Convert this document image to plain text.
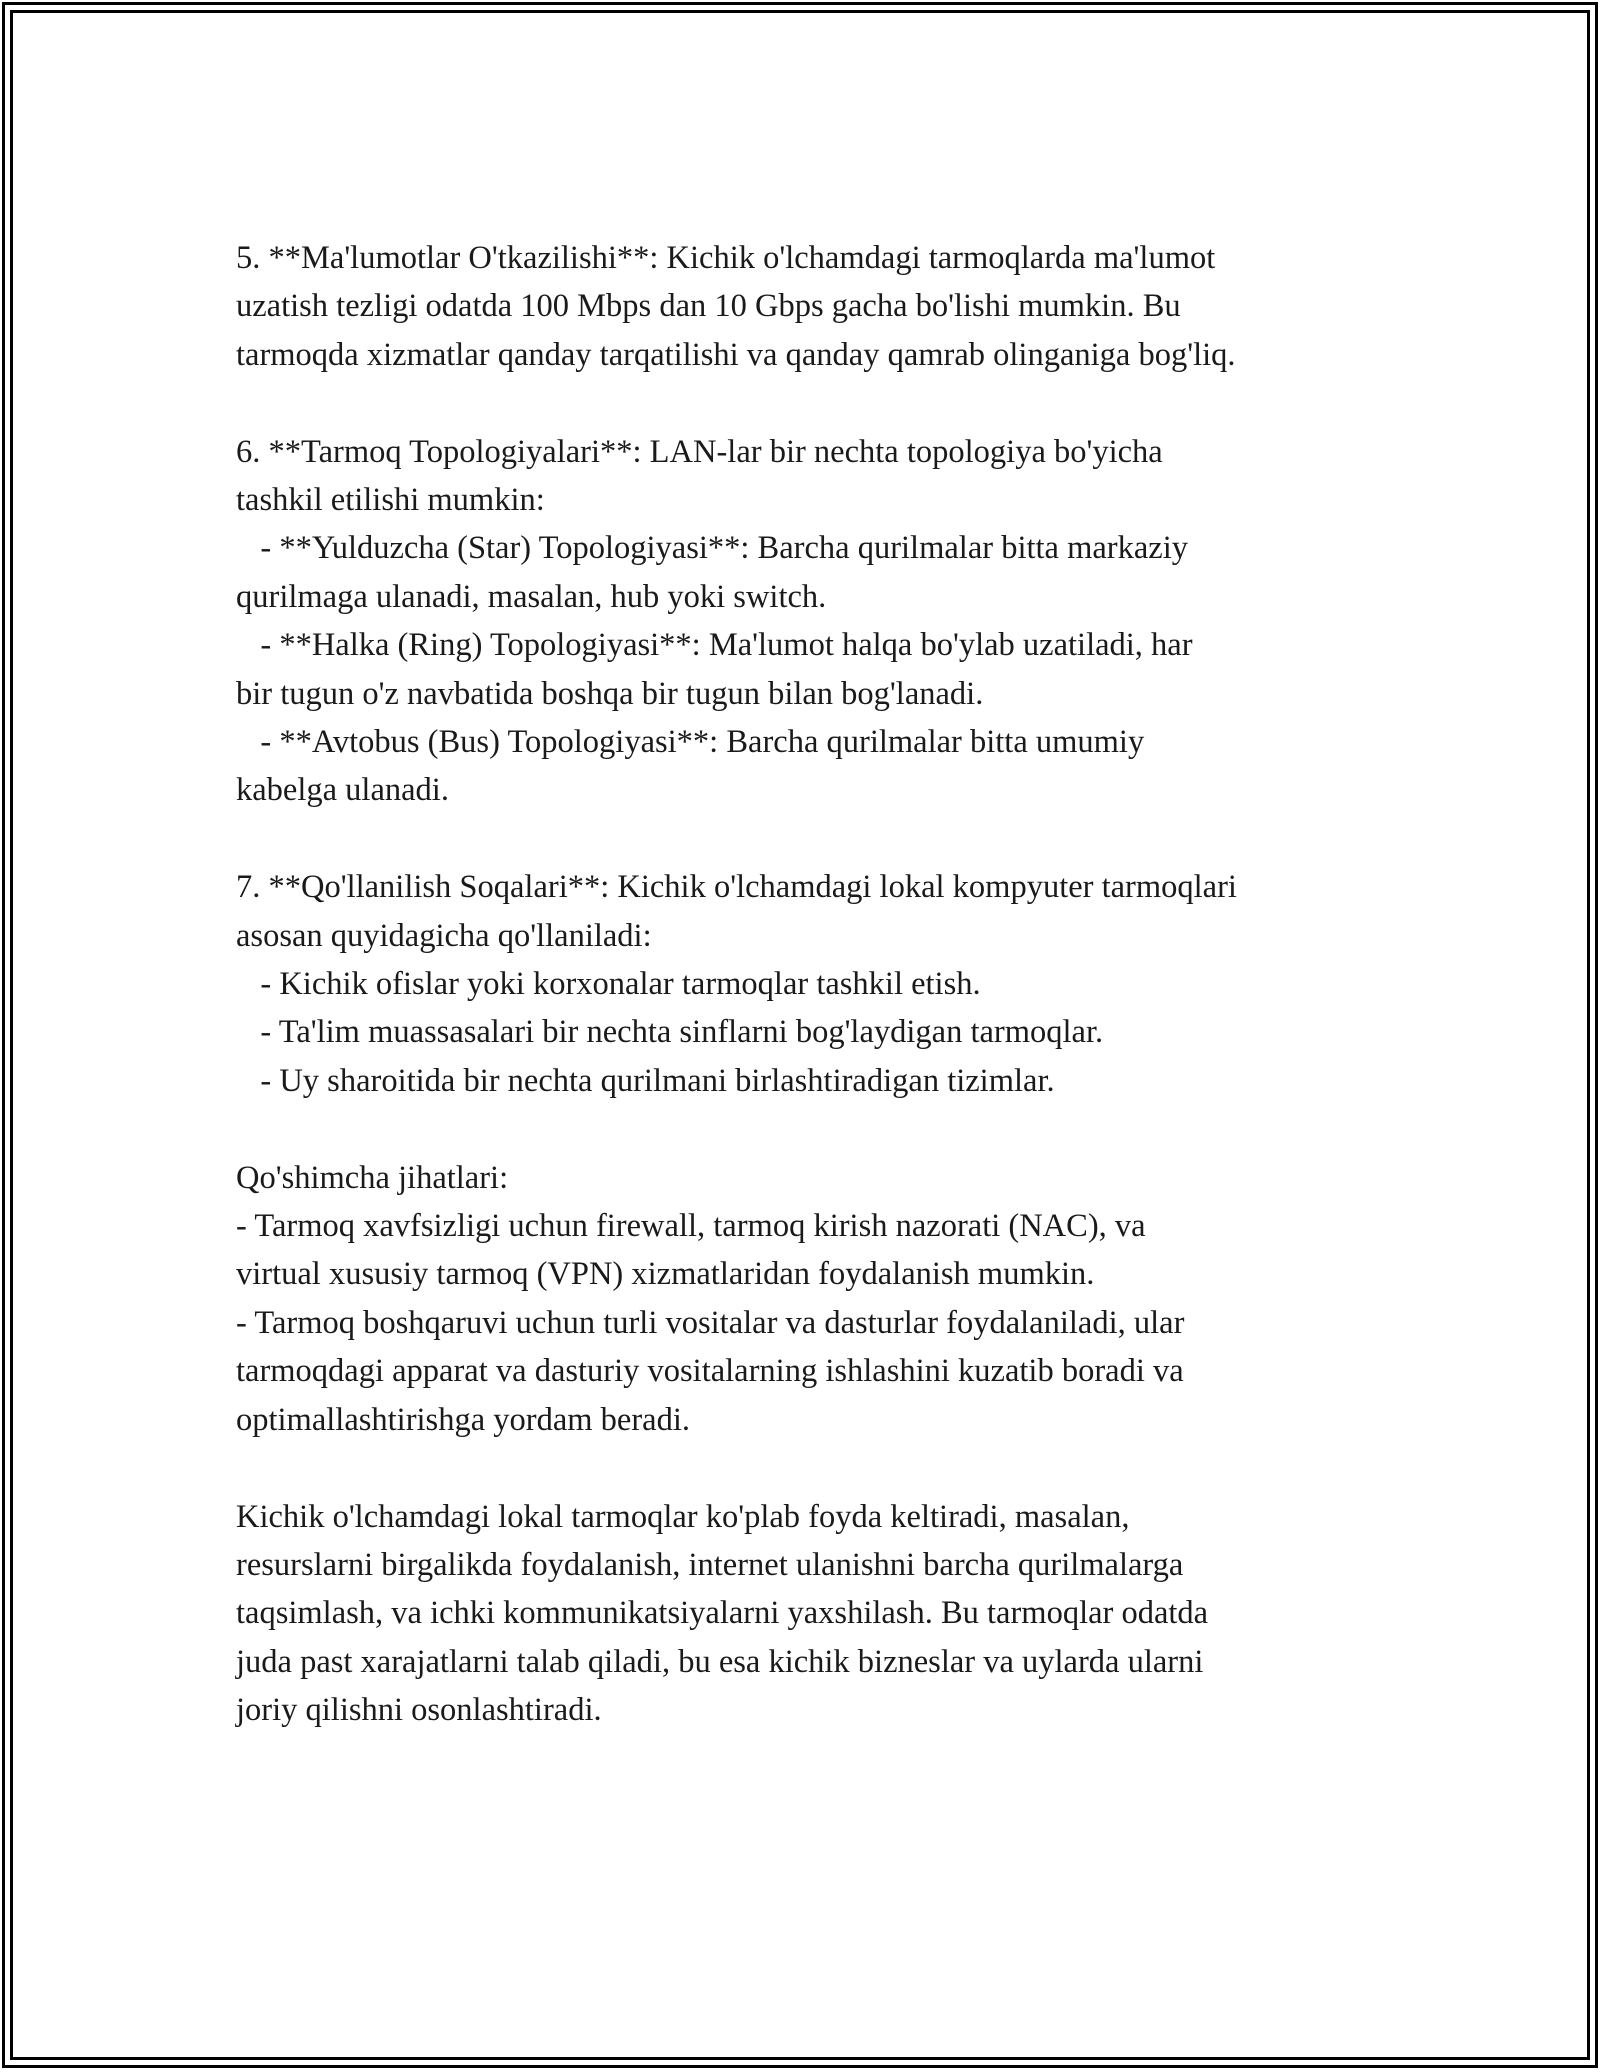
5. **Ma'lumotlar O'tkazilishi**: Kichik o'lchamdagi tarmoqlarda ma'lumot
uzatish tezligi odatda 100 Mbps dan 10 Gbps gacha bo'lishi mumkin. Bu
tarmoqda xizmatlar qanday tarqatilishi va qanday qamrab olinganiga bog'liq.

6. **Tarmoq Topologiyalari**: LAN-lar bir nechta topologiya bo'yicha
tashkil etilishi mumkin:
- **Yulduzcha (Star) Topologiyasi**: Barcha qurilmalar bitta markaziy
qurilmaga ulanadi, masalan, hub yoki switch.
- **Halka (Ring) Topologiyasi**: Ma'lumot halqa bo'ylab uzatiladi, har
bir tugun o'z navbatida boshqa bir tugun bilan bog'lanadi.
- **Avtobus (Bus) Topologiyasi**: Barcha qurilmalar bitta umumiy
kabelga ulanadi.

7. **Qo'llanilish Soqalari**: Kichik o'lchamdagi lokal kompyuter tarmoqlari
asosan quyidagicha qo'llaniladi:
- Kichik ofislar yoki korxonalar tarmoqlar tashkil etish.
- Ta'lim muassasalari bir nechta sinflarni bog'laydigan tarmoqlar.
- Uy sharoitida bir nechta qurilmani birlashtiradigan tizimlar.

Qo'shimcha jihatlari:
- Tarmoq xavfsizligi uchun firewall, tarmoq kirish nazorati (NAC), va
virtual xususiy tarmoq (VPN) xizmatlaridan foydalanish mumkin.
- Tarmoq boshqaruvi uchun turli vositalar va dasturlar foydalaniladi, ular
tarmoqdagi apparat va dasturiy vositalarning ishlashini kuzatib boradi va
optimallashtirishga yordam beradi.

Kichik o'lchamdagi lokal tarmoqlar ko'plab foyda keltiradi, masalan,
resurslarni birgalikda foydalanish, internet ulanishni barcha qurilmalarga
taqsimlash, va ichki kommunikatsiyalarni yaxshilash. Bu tarmoqlar odatda
juda past xarajatlarni talab qiladi, bu esa kichik bizneslar va uylarda ularni
joriy qilishni osonlashtiradi.
